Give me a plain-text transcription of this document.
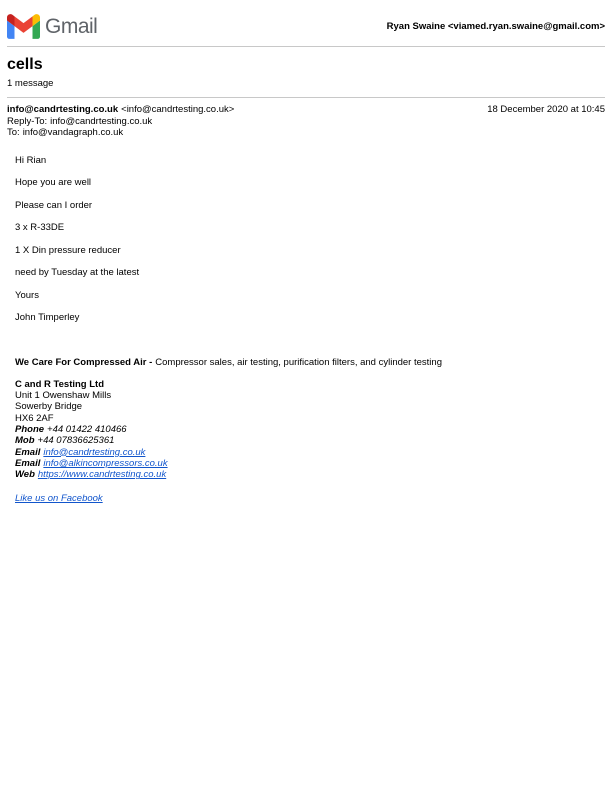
Gmail	Ryan Swaine <viamed.ryan.swaine@gmail.com>
cells
1 message
info@candrtesting.co.uk <info@candrtesting.co.uk>	18 December 2020 at 10:45
Reply-To: info@candrtesting.co.uk
To: info@vandagraph.co.uk

Hi Rian

Hope you are well

Please can I order

3 x R-33DE

1 X Din pressure reducer

need by Tuesday at the latest

Yours

John Timperley

We Care For Compressed Air - Compressor sales, air testing, purification filters, and cylinder testing
C and R Testing Ltd
Unit 1 Owenshaw Mills
Sowerby Bridge
HX6 2AF
Phone +44 01422 410466
Mob +44 07836625361
Email info@candrtesting.co.uk
Email info@alkincompressors.co.uk
Web https://www.candrtesting.co.uk
Like us on Facebook
